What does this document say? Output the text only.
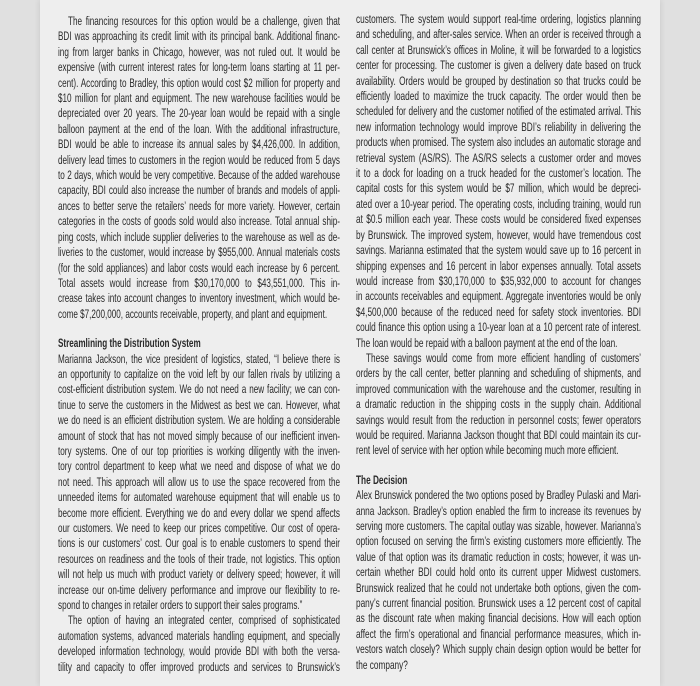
The financing resources for this option would be a challenge, given that
BDI was approaching its credit limit with its principal bank. Additional financ-
ing from larger banks in Chicago, however, was not ruled out. It would be
expensive (with current interest rates for long-term loans starting at 11 per-
cent). According to Bradley, this option would cost $2 million for property and
$10 million for plant and equipment. The new warehouse facilities would be
depreciated over 20 years. The 20-year loan would be repaid with a single
balloon payment at the end of the loan. With the additional infrastructure,
BDI would be able to increase its annual sales by $4,426,000. In addition,
delivery lead times to customers in the region would be reduced from 5 days
to 2 days, which would be very competitive. Because of the added warehouse
capacity, BDI could also increase the number of brands and models of appli-
ances to better serve the retailers’ needs for more variety. However, certain
categories in the costs of goods sold would also increase. Total annual ship-
ping costs, which include supplier deliveries to the warehouse as well as de-
liveries to the customer, would increase by $955,000. Annual materials costs
(for the sold appliances) and labor costs would each increase by 6 percent.
Total assets would increase from $30,170,000 to $43,551,000. This in-
crease takes into account changes to inventory investment, which would be-
come $7,200,000, accounts receivable, property, and plant and equipment.
Streamlining the Distribution System
Marianna Jackson, the vice president of logistics, stated, “I believe there is
an opportunity to capitalize on the void left by our fallen rivals by utilizing a
cost-efficient distribution system. We do not need a new facility; we can con-
tinue to serve the customers in the Midwest as best we can. However, what
we do need is an efficient distribution system. We are holding a considerable
amount of stock that has not moved simply because of our inefficient inven-
tory systems. One of our top priorities is working diligently with the inven-
tory control department to keep what we need and dispose of what we do
not need. This approach will allow us to use the space recovered from the
unneeded items for automated warehouse equipment that will enable us to
become more efficient. Everything we do and every dollar we spend affects
our customers. We need to keep our prices competitive. Our cost of opera-
tions is our customers’ cost. Our goal is to enable customers to spend their
resources on readiness and the tools of their trade, not logistics. This option
will not help us much with product variety or delivery speed; however, it will
increase our on-time delivery performance and improve our flexibility to re-
spond to changes in retailer orders to support their sales programs.”
The option of having an integrated center, comprised of sophisticated
automation systems, advanced materials handling equipment, and specially
developed information technology, would provide BDI with both the versa-
tility and capacity to offer improved products and services to Brunswick’s
customers. The system would support real-time ordering, logistics planning
and scheduling, and after-sales service. When an order is received through a
call center at Brunswick’s offices in Moline, it will be forwarded to a logistics
center for processing. The customer is given a delivery date based on truck
availability. Orders would be grouped by destination so that trucks could be
efficiently loaded to maximize the truck capacity. The order would then be
scheduled for delivery and the customer notified of the estimated arrival. This
new information technology would improve BDI’s reliability in delivering the
products when promised. The system also includes an automatic storage and
retrieval system (AS/RS). The AS/RS selects a customer order and moves
it to a dock for loading on a truck headed for the customer’s location. The
capital costs for this system would be $7 million, which would be depreci-
ated over a 10-year period. The operating costs, including training, would run
at $0.5 million each year. These costs would be considered fixed expenses
by Brunswick. The improved system, however, would have tremendous cost
savings. Marianna estimated that the system would save up to 16 percent in
shipping expenses and 16 percent in labor expenses annually. Total assets
would increase from $30,170,000 to $35,932,000 to account for changes
in accounts receivables and equipment. Aggregate inventories would be only
$4,500,000 because of the reduced need for safety stock inventories. BDI
could finance this option using a 10-year loan at a 10 percent rate of interest.
The loan would be repaid with a balloon payment at the end of the loan.
These savings would come from more efficient handling of customers’
orders by the call center, better planning and scheduling of shipments, and
improved communication with the warehouse and the customer, resulting in
a dramatic reduction in the shipping costs in the supply chain. Additional
savings would result from the reduction in personnel costs; fewer operators
would be required. Marianna Jackson thought that BDI could maintain its cur-
rent level of service with her option while becoming much more efficient.
The Decision
Alex Brunswick pondered the two options posed by Bradley Pulaski and Mari-
anna Jackson. Bradley’s option enabled the firm to increase its revenues by
serving more customers. The capital outlay was sizable, however. Marianna’s
option focused on serving the firm’s existing customers more efficiently. The
value of that option was its dramatic reduction in costs; however, it was un-
certain whether BDI could hold onto its current upper Midwest customers.
Brunswick realized that he could not undertake both options, given the com-
pany’s current financial position. Brunswick uses a 12 percent cost of capital
as the discount rate when making financial decisions. How will each option
affect the firm’s operational and financial performance measures, which in-
vestors watch closely? Which supply chain design option would be better for
the company?
